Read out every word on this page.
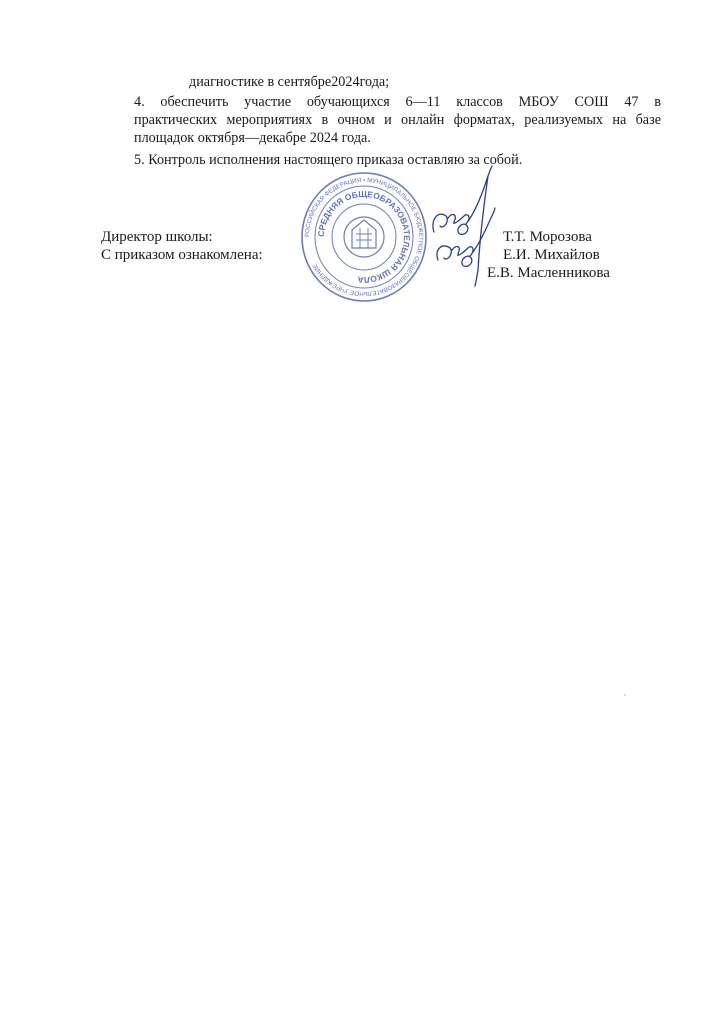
диагностике в сентябре2024года;
4. обеспечить участие обучающихся 6—11 классов МБОУ СОШ 47 в
практических мероприятиях в очном и онлайн форматах, реализуемых на базе
площадок октября—декабре 2024 года.
5. Контроль исполнения настоящего приказа оставляю за собой.
РОССИЙСКАЯ ФЕДЕРАЦИЯ • МУНИЦИПАЛЬНОЕ БЮДЖЕТНОЕ ОБЩЕОБРАЗОВАТЕЛЬНОЕ УЧРЕЖДЕНИЕ
СРЕДНЯЯ ОБЩЕОБРАЗОВАТЕЛЬНАЯ ШКОЛА
Директор школы:
С приказом ознакомлена:
Т.Т. Морозова
Е.И. Михайлов
Е.В. Масленникова
